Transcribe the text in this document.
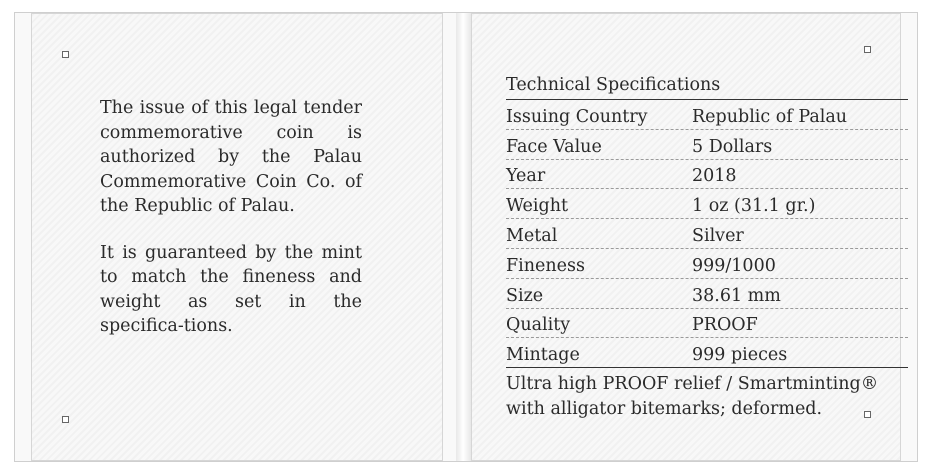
The issue of this legal tender commemorative coin is authorized by the Palau Commemorative Coin Co. of the Republic of Palau.

It is guaranteed by the mint to match the fineness and weight as set in the specifica-tions.

Technical Specifications
Issuing Country	Republic of Palau
Face Value	5 Dollars
Year	2018
Weight	1 oz (31.1 gr.)
Metal	Silver
Fineness	999/1000
Size	38.61 mm
Quality	PROOF
Mintage	999 pieces
Ultra high PROOF relief / Smartminting® with alligator bitemarks; deformed.
